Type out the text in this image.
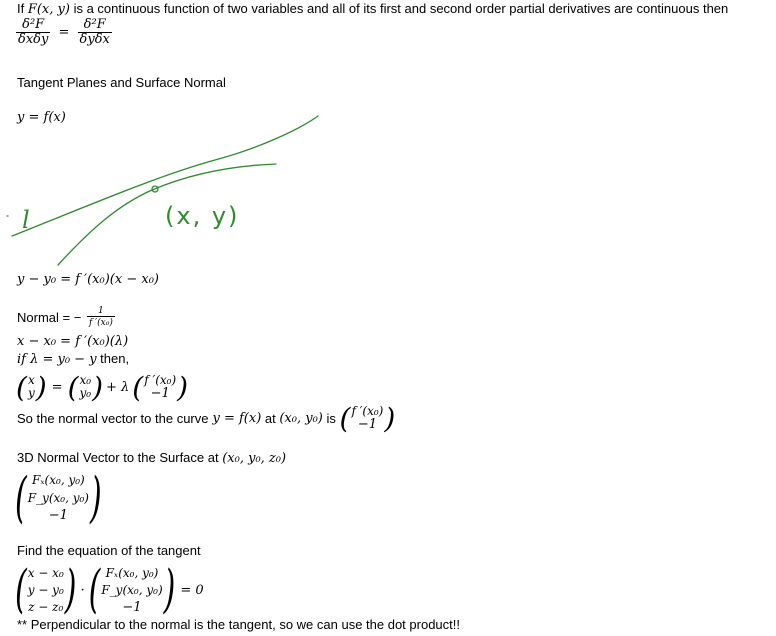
If F(x, y) is a continuous function of two variables and all of its first and second order partial derivatives are continuous then
$\frac{\text{δ²F}}{\text{δxδy}} = \frac{\text{δ²F}}{\text{δyδx}}$
Tangent Planes and Surface Normal
y = f(x)
l	(x, y)
y − y₀ = f ′(x₀)(x − x₀)
Normal = − $\frac{1}{\text{f ′(x₀)}}$
x − x₀ = f ′(x₀)(λ)
if λ = y₀ − y then,
( x
y ) = ( x₀
y₀ ) + λ ( f ′(x₀)
−1 )
So the normal vector to the curve y = f(x) at (x₀, y₀) is ( f ′(x₀)
−1 )
3D Normal Vector to the Surface at (x₀, y₀, z₀)
( Fₓ(x₀, y₀)
F_y(x₀, y₀)
−1 )
Find the equation of the tangent
( x − x₀
y − y₀
z − z₀ ) · ( Fₓ(x₀, y₀)
F_y(x₀, y₀)
−1 ) = 0
** Perpendicular to the normal is the tangent, so we can use the dot product!!
